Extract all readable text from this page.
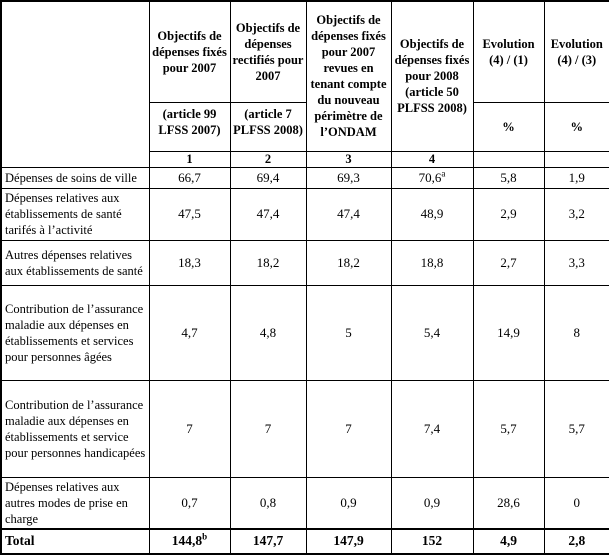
	Objectifs de dépenses fixés pour 2007	Objectifs de dépenses rectifiés pour 2007	Objectifs de dépenses fixés pour 2007 revues en tenant compte du nouveau périmètre de l’ONDAM	Objectifs de dépenses fixés pour 2008 (article 50 PLFSS 2008)	Evolution (4) / (1)	Evolution (4) / (3)
	(article 99 LFSS 2007)	(article 7 PLFSS 2008)			%	%
	1	2	3	4		
Dépenses de soins de ville	66,7	69,4	69,3	70,6$^a$	5,8	1,9
Dépenses relatives aux établissements de santé tarifés à l’activité	47,5	47,4	47,4	48,9	2,9	3,2
Autres dépenses relatives aux établissements de santé	18,3	18,2	18,2	18,8	2,7	3,3
Contribution de l’assurance maladie aux dépenses en établissements et services pour personnes âgées	4,7	4,8	5	5,4	14,9	8
Contribution de l’assurance maladie aux dépenses en établissements et service pour personnes handicapées	7	7	7	7,4	5,7	5,7
Dépenses relatives aux autres modes de prise en charge	0,7	0,8	0,9	0,9	28,6	0
Total	144,8$^b$	147,7	147,9	152	4,9	2,8
